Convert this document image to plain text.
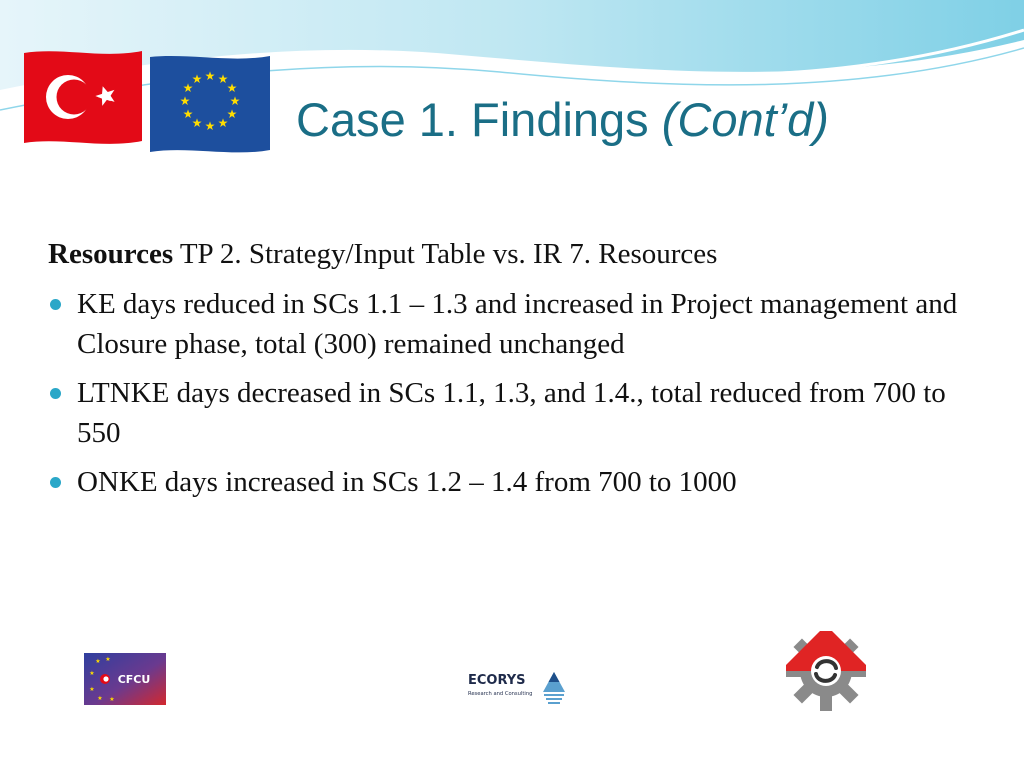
★ ★
★
★
★
★
★
★
★
★
★
★
Case 1. Findings (Cont’d)
Resources TP 2. Strategy/Input Table vs. IR 7. Resources
KE days reduced in SCs 1.1 – 1.3 and increased in Project management and Closure phase, total (300) remained unchanged
LTNKE days decreased in SCs 1.1, 1.3, and 1.4., total reduced from 700 to 550
ONKE days increased in SCs 1.2 – 1.4 from 700 to 1000
★ ★
★
★
★ ★
CFCU	ECORYS
Research and Consulting
